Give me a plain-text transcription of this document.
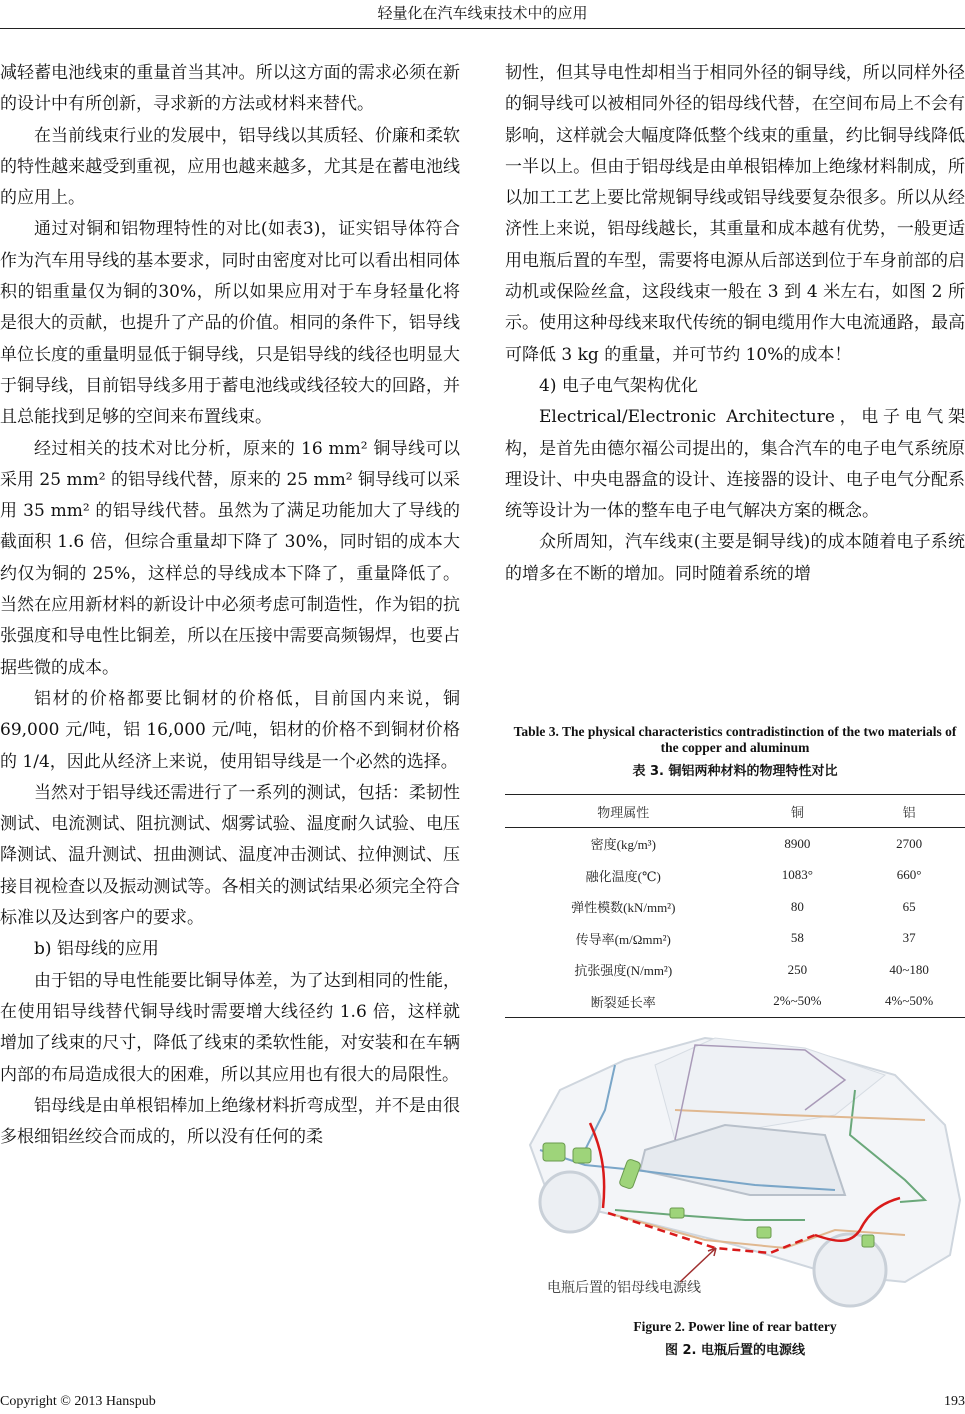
轻量化在汽车线束技术中的应用

减轻蓄电池线束的重量首当其冲。所以这方面的需求必须在新的设计中有所创新，寻求新的方法或材料来替代。

在当前线束行业的发展中，铝导线以其质轻、价廉和柔软的特性越来越受到重视，应用也越来越多，尤其是在蓄电池线的应用上。

通过对铜和铝物理特性的对比(如表3)，证实铝导体符合作为汽车用导线的基本要求，同时由密度对比可以看出相同体积的铝重量仅为铜的30%，所以如果应用对于车身轻量化将是很大的贡献，也提升了产品的价值。相同的条件下，铝导线单位长度的重量明显低于铜导线，只是铝导线的线径也明显大于铜导线，目前铝导线多用于蓄电池线或线径较大的回路，并且总能找到足够的空间来布置线束。

经过相关的技术对比分析，原来的 16 mm² 铜导线可以采用 25 mm² 的铝导线代替，原来的 25 mm² 铜导线可以采用 35 mm² 的铝导线代替。虽然为了满足功能加大了导线的截面积 1.6 倍，但综合重量却下降了 30%，同时铝的成本大约仅为铜的 25%，这样总的导线成本下降了，重量降低了。当然在应用新材料的新设计中必须考虑可制造性，作为铝的抗张强度和导电性比铜差，所以在压接中需要高频锡焊，也要占据些微的成本。

铝材的价格都要比铜材的价格低，目前国内来说，铜 69,000 元/吨，铝 16,000 元/吨，铝材的价格不到铜材价格的 1/4，因此从经济上来说，使用铝导线是一个必然的选择。

当然对于铝导线还需进行了一系列的测试，包括：柔韧性测试、电流测试、阻抗测试、烟雾试验、温度耐久试验、电压降测试、温升测试、扭曲测试、温度冲击测试、拉伸测试、压接目视检查以及振动测试等。各相关的测试结果必须完全符合标准以及达到客户的要求。

b) 铝母线的应用

由于铝的导电性能要比铜导体差，为了达到相同的性能，在使用铝导线替代铜导线时需要增大线径约 1.6 倍，这样就增加了线束的尺寸，降低了线束的柔软性能，对安装和在车辆内部的布局造成很大的困难，所以其应用也有很大的局限性。

铝母线是由单根铝棒加上绝缘材料折弯成型，并不是由很多根细铝丝绞合而成的，所以没有任何的柔

韧性，但其导电性却相当于相同外径的铜导线，所以同样外径的铜导线可以被相同外径的铝母线代替，在空间布局上不会有影响，这样就会大幅度降低整个线束的重量，约比铜导线降低一半以上。但由于铝母线是由单根铝棒加上绝缘材料制成，所以加工工艺上要比常规铜导线或铝导线要复杂很多。所以从经济性上来说，铝母线越长，其重量和成本越有优势，一般更适用电瓶后置的车型，需要将电源从后部送到位于车身前部的启动机或保险丝盒，这段线束一般在 3 到 4 米左右，如图 2 所示。使用这种母线来取代传统的铜电缆用作大电流通路，最高可降低 3 kg 的重量，并可节约 10%的成本！

4) 电子电气架构优化

Electrical/Electronic Architecture，电子电气架构，是首先由德尔福公司提出的，集合汽车的电子电气系统原理设计、中央电器盒的设计、连接器的设计、电子电气分配系统等设计为一体的整车电子电气解决方案的概念。

众所周知，汽车线束(主要是铜导线)的成本随着电子系统的增多在不断的增加。同时随着系统的增

Table 3. The physical characteristics contradistinction of the two materials of the copper and aluminum
表 3. 铜铝两种材料的物理特性对比
物理属性	铜	铝
密度(kg/m³)	8900	2700
融化温度(℃)	1083°	660°
弹性模数(kN/mm²)	80	65
传导率(m/Ωmm²)	58	37
抗张强度(N/mm²)	250	40~180
断裂延长率	2%~50%	4%~50%
电瓶后置的铝母线电源线
Figure 2. Power line of rear battery
图 2. 电瓶后置的电源线
Copyright © 2013 Hanspub	193
